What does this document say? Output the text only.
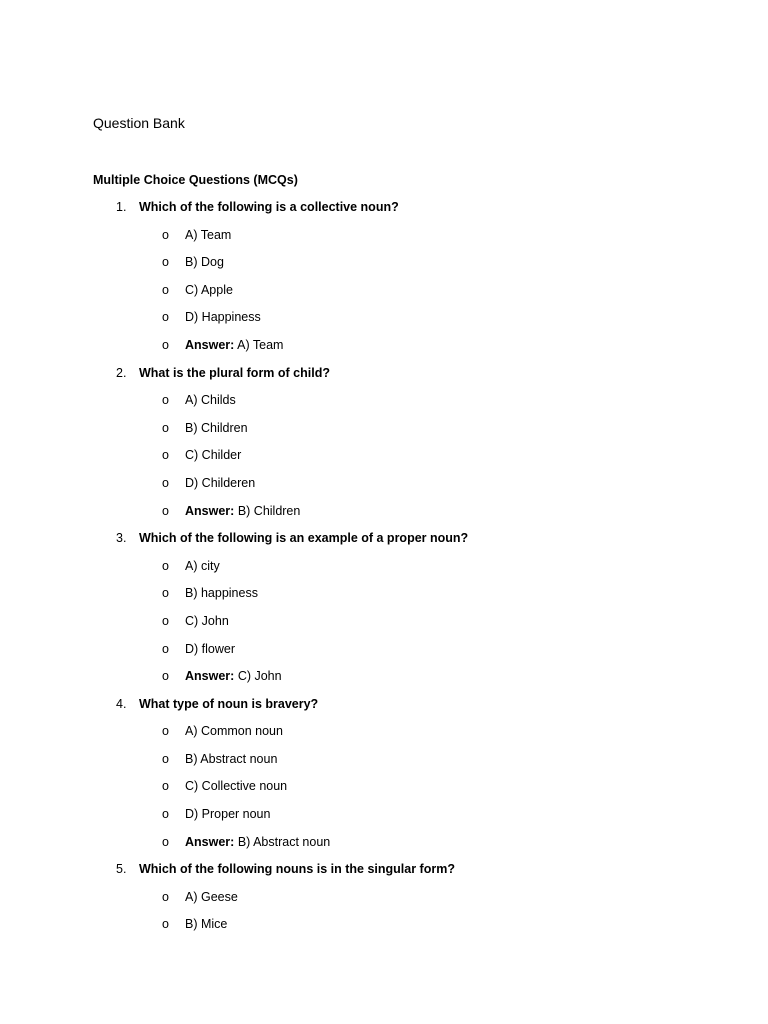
Question Bank
Multiple Choice Questions (MCQs)
1. Which of the following is a collective noun?
o A) Team
o B) Dog
o C) Apple
o D) Happiness
o Answer: A) Team
2. What is the plural form of child?
o A) Childs
o B) Children
o C) Childer
o D) Childeren
o Answer: B) Children
3. Which of the following is an example of a proper noun?
o A) city
o B) happiness
o C) John
o D) flower
o Answer: C) John
4. What type of noun is bravery?
o A) Common noun
o B) Abstract noun
o C) Collective noun
o D) Proper noun
o Answer: B) Abstract noun
5. Which of the following nouns is in the singular form?
o A) Geese
o B) Mice
